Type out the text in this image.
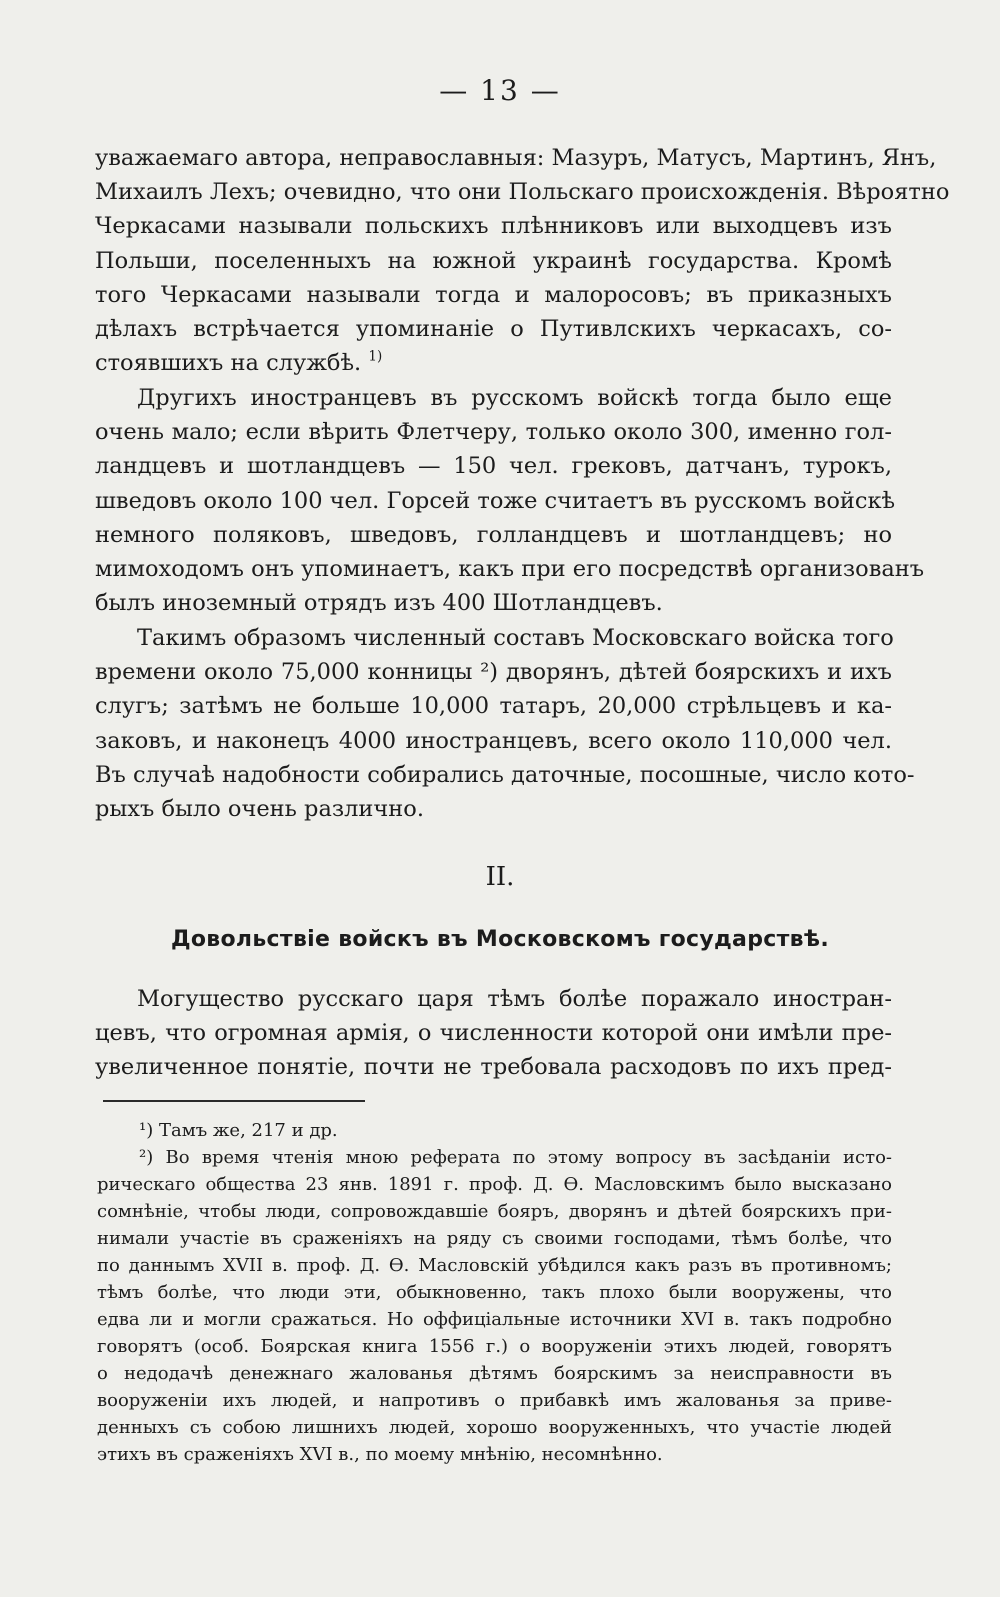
— 13 —
уважаемаго автора, неправославныя: Мазуръ, Матусъ, Мартинъ, Янъ,
Михаилъ Лехъ; очевидно, что они Польскаго происхожденія. Вѣроятно
Черкасами называли польскихъ плѣнниковъ или выходцевъ изъ
Польши, поселенныхъ на южной украинѣ государства. Кромѣ
того Черкасами называли тогда и малоросовъ; въ приказныхъ
дѣлахъ встрѣчается упоминаніе о Путивлскихъ черкасахъ, со-
стоявшихъ на службѣ. $^{1)}$
Другихъ иностранцевъ въ русскомъ войскѣ тогда было еще
очень мало; если вѣрить Флетчеру, только около 300, именно гол-
ландцевъ и шотландцевъ — 150 чел. грековъ, датчанъ, турокъ,
шведовъ около 100 чел. Горсей тоже считаетъ въ русскомъ войскѣ
немного поляковъ, шведовъ, голландцевъ и шотландцевъ; но
мимоходомъ онъ упоминаетъ, какъ при его посредствѣ организованъ
былъ иноземный отрядъ изъ 400 Шотландцевъ.
Такимъ образомъ численный составъ Московскаго войска того
времени около 75,000 конницы ²) дворянъ, дѣтей боярскихъ и ихъ
слугъ; затѣмъ не больше 10,000 татаръ, 20,000 стрѣльцевъ и ка-
заковъ, и наконецъ 4000 иностранцевъ, всего около 110,000 чел.
Въ случаѣ надобности собирались даточные, посошные, число кото-
рыхъ было очень различно.
II.
Довольствіе войскъ въ Московскомъ государствѣ.
Могущество русскаго царя тѣмъ болѣе поражало иностран-
цевъ, что огромная армія, о численности которой они имѣли пре-
увеличенное понятіе, почти не требовала расходовъ по ихъ пред-
¹) Тамъ же, 217 и др.
²) Во время чтенія мною реферата по этому вопросу въ засѣданіи исто-
рическаго общества 23 янв. 1891 г. проф. Д. Ѳ. Масловскимъ было высказано
сомнѣніе, чтобы люди, сопровождавшіе бояръ, дворянъ и дѣтей боярскихъ при-
нимали участіе въ сраженіяхъ на ряду съ своими господами, тѣмъ болѣе, что
по даннымъ XVII в. проф. Д. Ѳ. Масловскій убѣдился какъ разъ въ противномъ;
тѣмъ болѣе, что люди эти, обыкновенно, такъ плохо были вооружены, что
едва ли и могли сражаться. Но оффиціальные источники XVI в. такъ подробно
говорятъ (особ. Боярская книга 1556 г.) о вооруженіи этихъ людей, говорятъ
о недодачѣ денежнаго жалованья дѣтямъ боярскимъ за неисправности въ
вооруженіи ихъ людей, и напротивъ о прибавкѣ имъ жалованья за приве-
денныхъ съ собою лишнихъ людей, хорошо вооруженныхъ, что участіе людей
этихъ въ сраженіяхъ XVI в., по моему мнѣнію, несомнѣнно.
